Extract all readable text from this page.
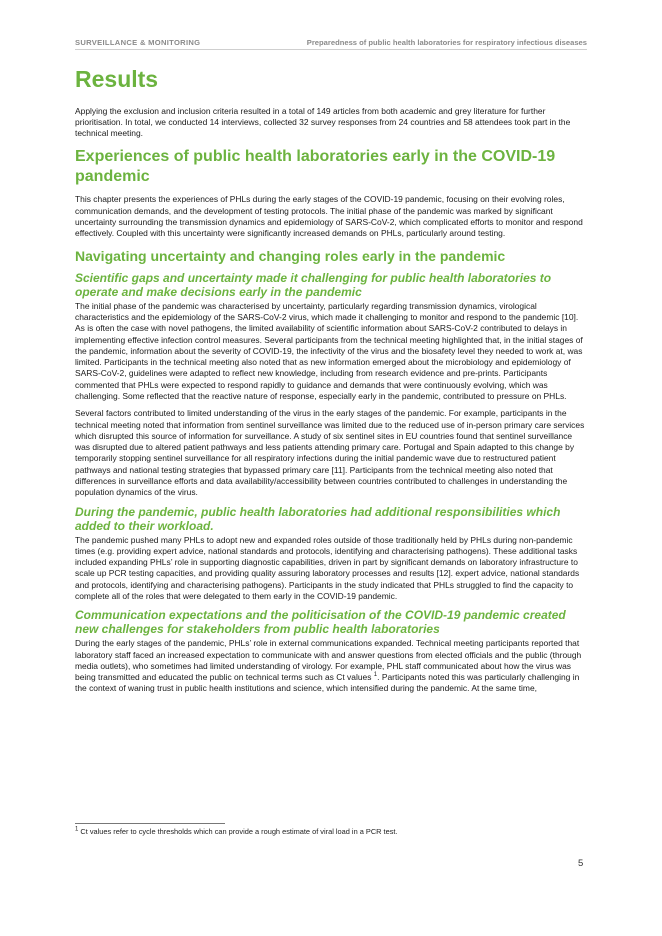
SURVEILLANCE & MONITORING	Preparedness of public health laboratories for respiratory infectious diseases
Results

Applying the exclusion and inclusion criteria resulted in a total of 149 articles from both academic and grey literature for further prioritisation. In total, we conducted 14 interviews, collected 32 survey responses from 24 countries and 58 attendees took part in the technical meeting.

Experiences of public health laboratories early in the COVID-19 pandemic

This chapter presents the experiences of PHLs during the early stages of the COVID-19 pandemic, focusing on their evolving roles, communication demands, and the development of testing protocols. The initial phase of the pandemic was marked by significant uncertainty surrounding the transmission dynamics and epidemiology of SARS-CoV-2, which complicated efforts to monitor and respond effectively. Coupled with this uncertainty were significantly increased demands on PHLs, particularly around testing.

Navigating uncertainty and changing roles early in the pandemic
Scientific gaps and uncertainty made it challenging for public health laboratories to operate and make decisions early in the pandemic

The initial phase of the pandemic was characterised by uncertainty, particularly regarding transmission dynamics, virological characteristics and the epidemiology of the SARS-CoV-2 virus, which made it challenging to monitor and respond to the pandemic [10]. As is often the case with novel pathogens, the limited availability of scientific information about SARS-CoV-2 contributed to delays in implementing effective infection control measures. Several participants from the technical meeting highlighted that, in the initial stages of the pandemic, information about the severity of COVID-19, the infectivity of the virus and the biosafety level they needed to work at, was limited. Participants in the technical meeting also noted that as new information emerged about the microbiology and epidemiology of SARS-CoV-2, guidelines were adapted to reflect new knowledge, including from research evidence and pre-prints. Participants commented that PHLs were expected to respond rapidly to guidance and demands that were continuously evolving, which was challenging. Some reflected that the reactive nature of response, especially early in the pandemic, contributed to pressure on PHLs.

Several factors contributed to limited understanding of the virus in the early stages of the pandemic. For example, participants in the technical meeting noted that information from sentinel surveillance was limited due to the reduced use of in-person primary care services which disrupted this source of information for surveillance. A study of six sentinel sites in EU countries found that sentinel surveillance was disrupted due to altered patient pathways and less patients attending primary care. Portugal and Spain adapted to this change by temporarily stopping sentinel surveillance for all respiratory infections during the initial pandemic wave due to restructured patient pathways and national testing strategies that bypassed primary care [11]. Participants from the technical meeting also noted that differences in surveillance efforts and data availability/accessibility between countries contributed to challenges in understanding the population dynamics of the virus.

During the pandemic, public health laboratories had additional responsibilities which added to their workload.

The pandemic pushed many PHLs to adopt new and expanded roles outside of those traditionally held by PHLs during non-pandemic times (e.g. providing expert advice, national standards and protocols, identifying and characterising pathogens). These additional tasks included expanding PHLs’ role in supporting diagnostic capabilities, driven in part by significant demands on laboratory infrastructure to scale up PCR testing capacities, and providing quality assuring laboratory processes and results [12]. expert advice, national standards and protocols, identifying and characterising pathogens). Participants in the study indicated that PHLs struggled to find the capacity to complete all of the roles that were delegated to them early in the COVID-19 pandemic.

Communication expectations and the politicisation of the COVID-19 pandemic created new challenges for stakeholders from public health laboratories

During the early stages of the pandemic, PHLs’ role in external communications expanded. Technical meeting participants reported that laboratory staff faced an increased expectation to communicate with and answer questions from elected officials and the public (through media outlets), who sometimes had limited understanding of virology. For example, PHL staff communicated about how the virus was being transmitted and educated the public on technical terms such as Ct values $^1$. Participants noted this was particularly challenging in the context of waning trust in public health institutions and science, which intensified during the pandemic. At the same time,

$^1$ Ct values refer to cycle thresholds which can provide a rough estimate of viral load in a PCR test.
5
